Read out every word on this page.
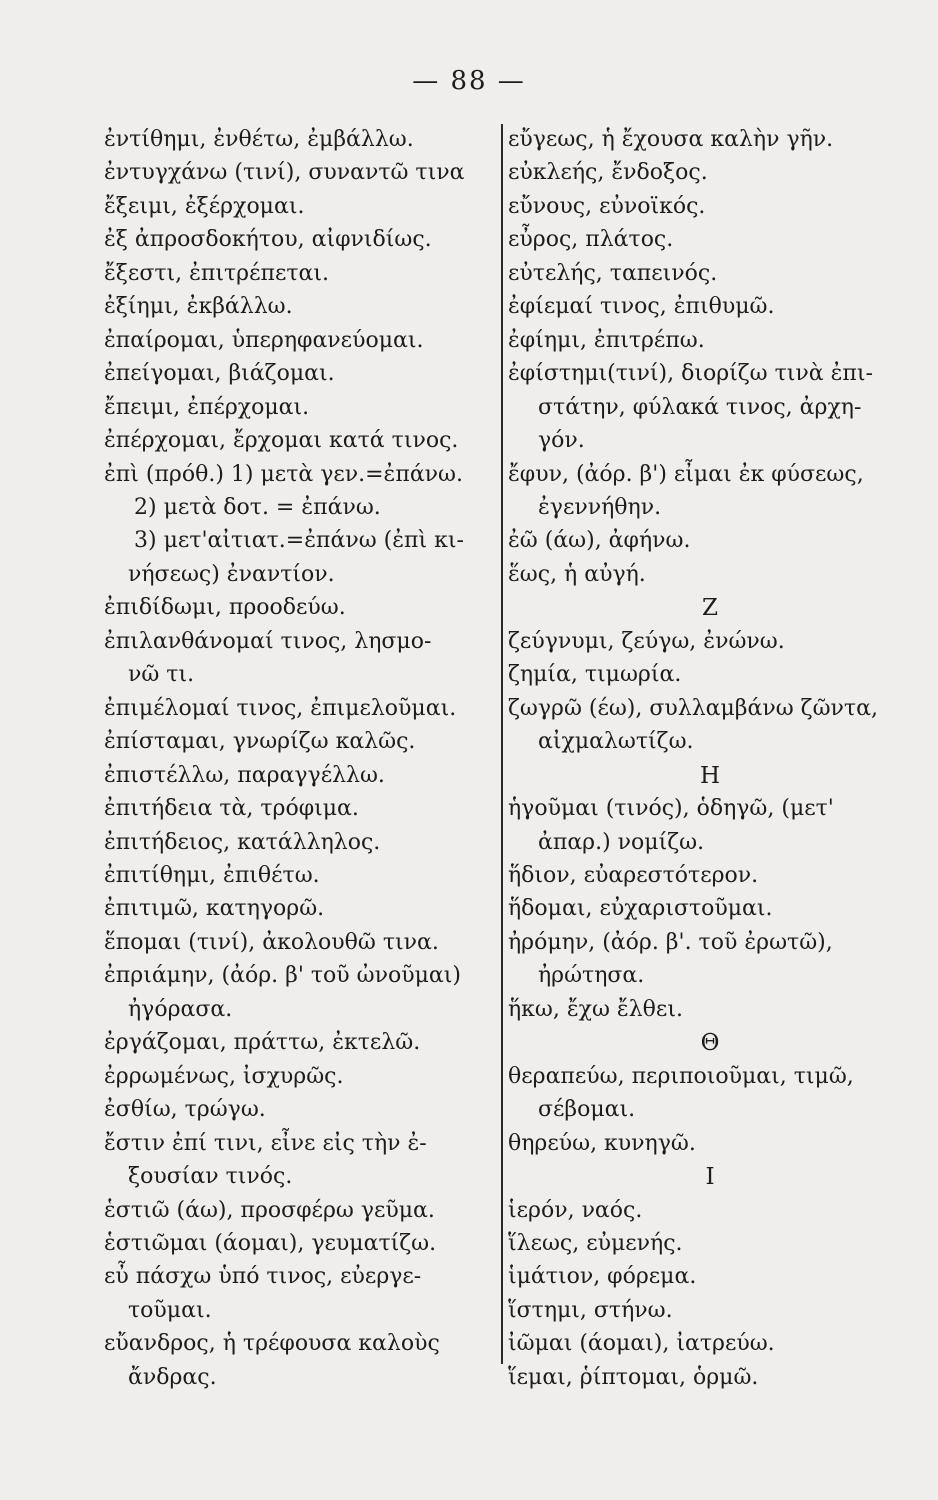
— 88 —
ἐντίθημι, ἐνθέτω, ἐμβάλλω.
ἐντυγχάνω (τινί), συναντῶ τινα
ἔξειμι, ἐξέρχομαι.
ἐξ ἀπροσδοκήτου, αἰφνιδίως.
ἔξεστι, ἐπιτρέπεται.
ἐξίημι, ἐκβάλλω.
ἐπαίρομαι, ὑπερηφανεύομαι.
ἐπείγομαι, βιάζομαι.
ἔπειμι, ἐπέρχομαι.
ἐπέρχομαι, ἔρχομαι κατά τινος.
ἐπὶ (πρόθ.) 1) μετὰ γεν.=ἐπάνω.
2) μετὰ δοτ. = ἐπάνω.
3) μετ'αἰτιατ.=ἐπάνω (ἐπὶ κι-
νήσεως) ἐναντίον.
ἐπιδίδωμι, προοδεύω.
ἐπιλανθάνομαί τινος, λησμο-
νῶ τι.
ἐπιμέλομαί τινος, ἐπιμελοῦμαι.
ἐπίσταμαι, γνωρίζω καλῶς.
ἐπιστέλλω, παραγγέλλω.
ἐπιτήδεια τὰ, τρόφιμα.
ἐπιτήδειος, κατάλληλος.
ἐπιτίθημι, ἐπιθέτω.
ἐπιτιμῶ, κατηγορῶ.
ἕπομαι (τινί), ἀκολουθῶ τινα.
ἐπριάμην, (ἀόρ. β' τοῦ ὠνοῦμαι)
ἠγόρασα.
ἐργάζομαι, πράττω, ἐκτελῶ.
ἐρρωμένως, ἰσχυρῶς.
ἐσθίω, τρώγω.
ἔστιν ἐπί τινι, εἶνε εἰς τὴν ἐ-
ξουσίαν τινός.
ἑστιῶ (άω), προσφέρω γεῦμα.
ἑστιῶμαι (άομαι), γευματίζω.
εὖ πάσχω ὑπό τινος, εὐεργε-
τοῦμαι.
εὔανδρος, ἡ τρέφουσα καλοὺς
ἄνδρας.
εὔγεως, ἡ ἔχουσα καλὴν γῆν.
εὐκλεής, ἔνδοξος.
εὔνους, εὐνοϊκός.
εὖρος, πλάτος.
εὐτελής, ταπεινός.
ἐφίεμαί τινος, ἐπιθυμῶ.
ἐφίημι, ἐπιτρέπω.
ἐφίστημι(τινί), διορίζω τινὰ ἐπι-
στάτην, φύλακά τινος, ἀρχη-
γόν.
ἔφυν, (ἀόρ. β') εἶμαι ἐκ φύσεως,
ἐγεννήθην.
ἐῶ (άω), ἀφήνω.
ἕως, ἡ αὐγή.
Ζ
ζεύγνυμι, ζεύγω, ἐνώνω.
ζημία, τιμωρία.
ζωγρῶ (έω), συλλαμβάνω ζῶντα,
αἰχμαλωτίζω.
Η
ἡγοῦμαι (τινός), ὁδηγῶ, (μετ'
ἀπαρ.) νομίζω.
ἥδιον, εὐαρεστότερον.
ἥδομαι, εὐχαριστοῦμαι.
ἠρόμην, (ἀόρ. β'. τοῦ ἐρωτῶ),
ἠρώτησα.
ἥκω, ἔχω ἔλθει.
Θ
θεραπεύω, περιποιοῦμαι, τιμῶ,
σέβομαι.
θηρεύω, κυνηγῶ.
Ι
ἱερόν, ναός.
ἵλεως, εὐμενής.
ἱμάτιον, φόρεμα.
ἵστημι, στήνω.
ἰῶμαι (άομαι), ἰατρεύω.
ἵεμαι, ῥίπτομαι, ὁρμῶ.
